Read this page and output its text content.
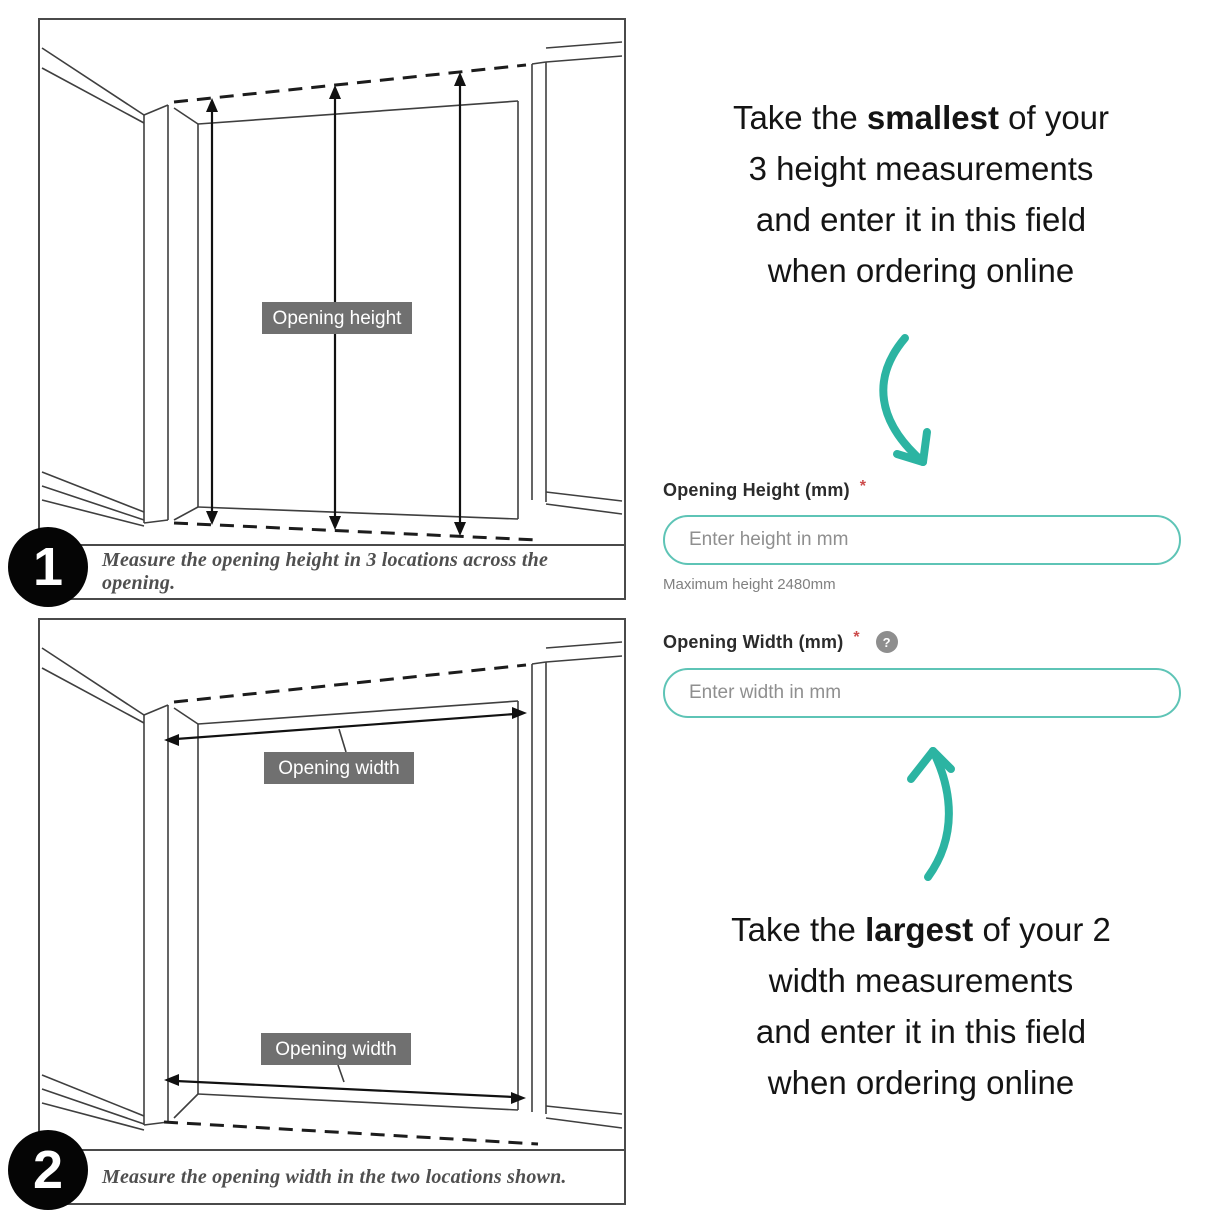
Opening height
Measure the opening height in 3 locations across the opening.
1
Opening width
Opening width
Measure the opening width in the two locations shown.
2
Take the smallest of your
3 height measurements
and enter it in this field
when ordering online
Opening Height (mm) *
Enter height in mm
Maximum height 2480mm
Opening Width (mm) *	?
Enter width in mm
Take the largest of your 2
width measurements
and enter it in this field
when ordering online
